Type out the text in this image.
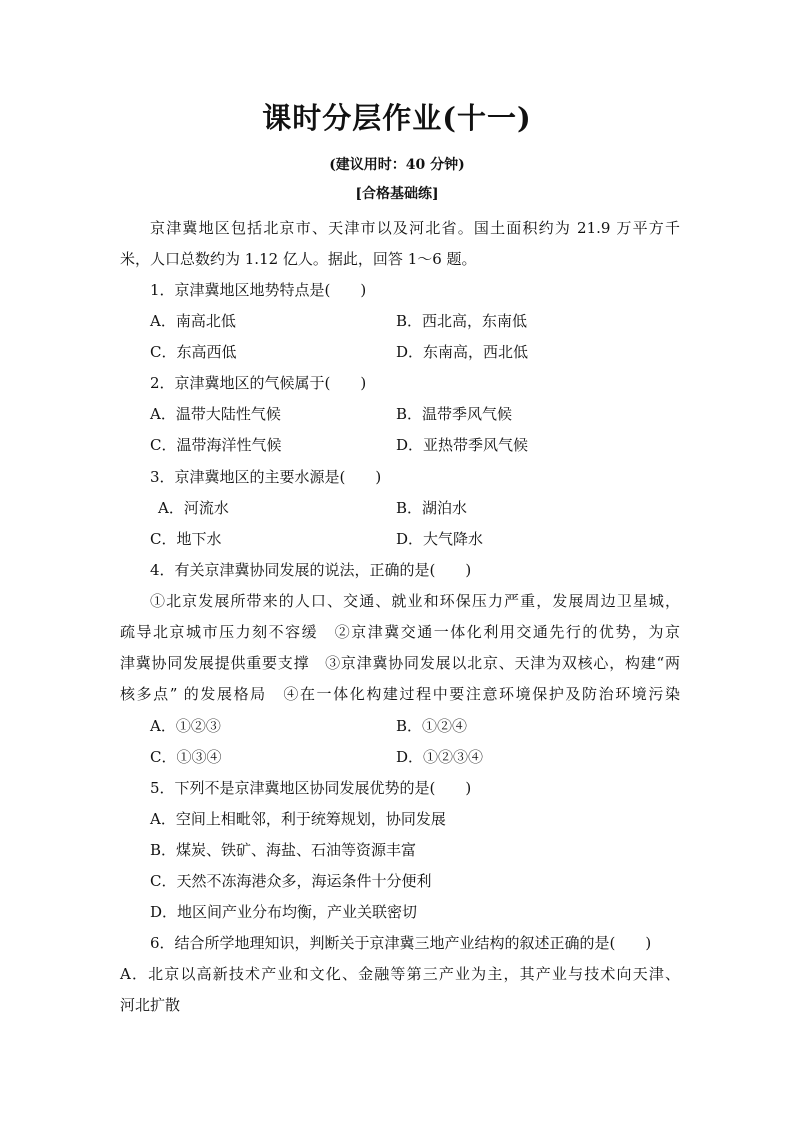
课时分层作业(十一)
(建议用时：40 分钟)
[合格基础练]
京津冀地区包括北京市、天津市以及河北省。国土面积约为 21.9 万平方千
米，人口总数约为 1.12 亿人。据此，回答 1～6 题。
1．京津冀地区地势特点是(　　)
A．南高北低	B．西北高，东南低
C．东高西低	D．东南高，西北低
2．京津冀地区的气候属于(　　)
A．温带大陆性气候	B．温带季风气候
C．温带海洋性气候	D．亚热带季风气候
3．京津冀地区的主要水源是(　　)
A．河流水	B．湖泊水
C．地下水	D．大气降水
4．有关京津冀协同发展的说法，正确的是(　　)
①北京发展所带来的人口、交通、就业和环保压力严重，发展周边卫星城，
疏导北京城市压力刻不容缓　②京津冀交通一体化利用交通先行的优势，为京
津冀协同发展提供重要支撑　③京津冀协同发展以北京、天津为双核心，构建“两
核多点” 的发展格局　④在一体化构建过程中要注意环境保护及防治环境污染
A．①②③	B．①②④
C．①③④	D．①②③④
5．下列不是京津冀地区协同发展优势的是(　　)
A．空间上相毗邻，利于统筹规划，协同发展
B．煤炭、铁矿、海盐、石油等资源丰富
C．天然不冻海港众多，海运条件十分便利
D．地区间产业分布均衡，产业关联密切
6．结合所学地理知识，判断关于京津冀三地产业结构的叙述正确的是(　　)
A．北京以高新技术产业和文化、金融等第三产业为主，其产业与技术向天津、
河北扩散
